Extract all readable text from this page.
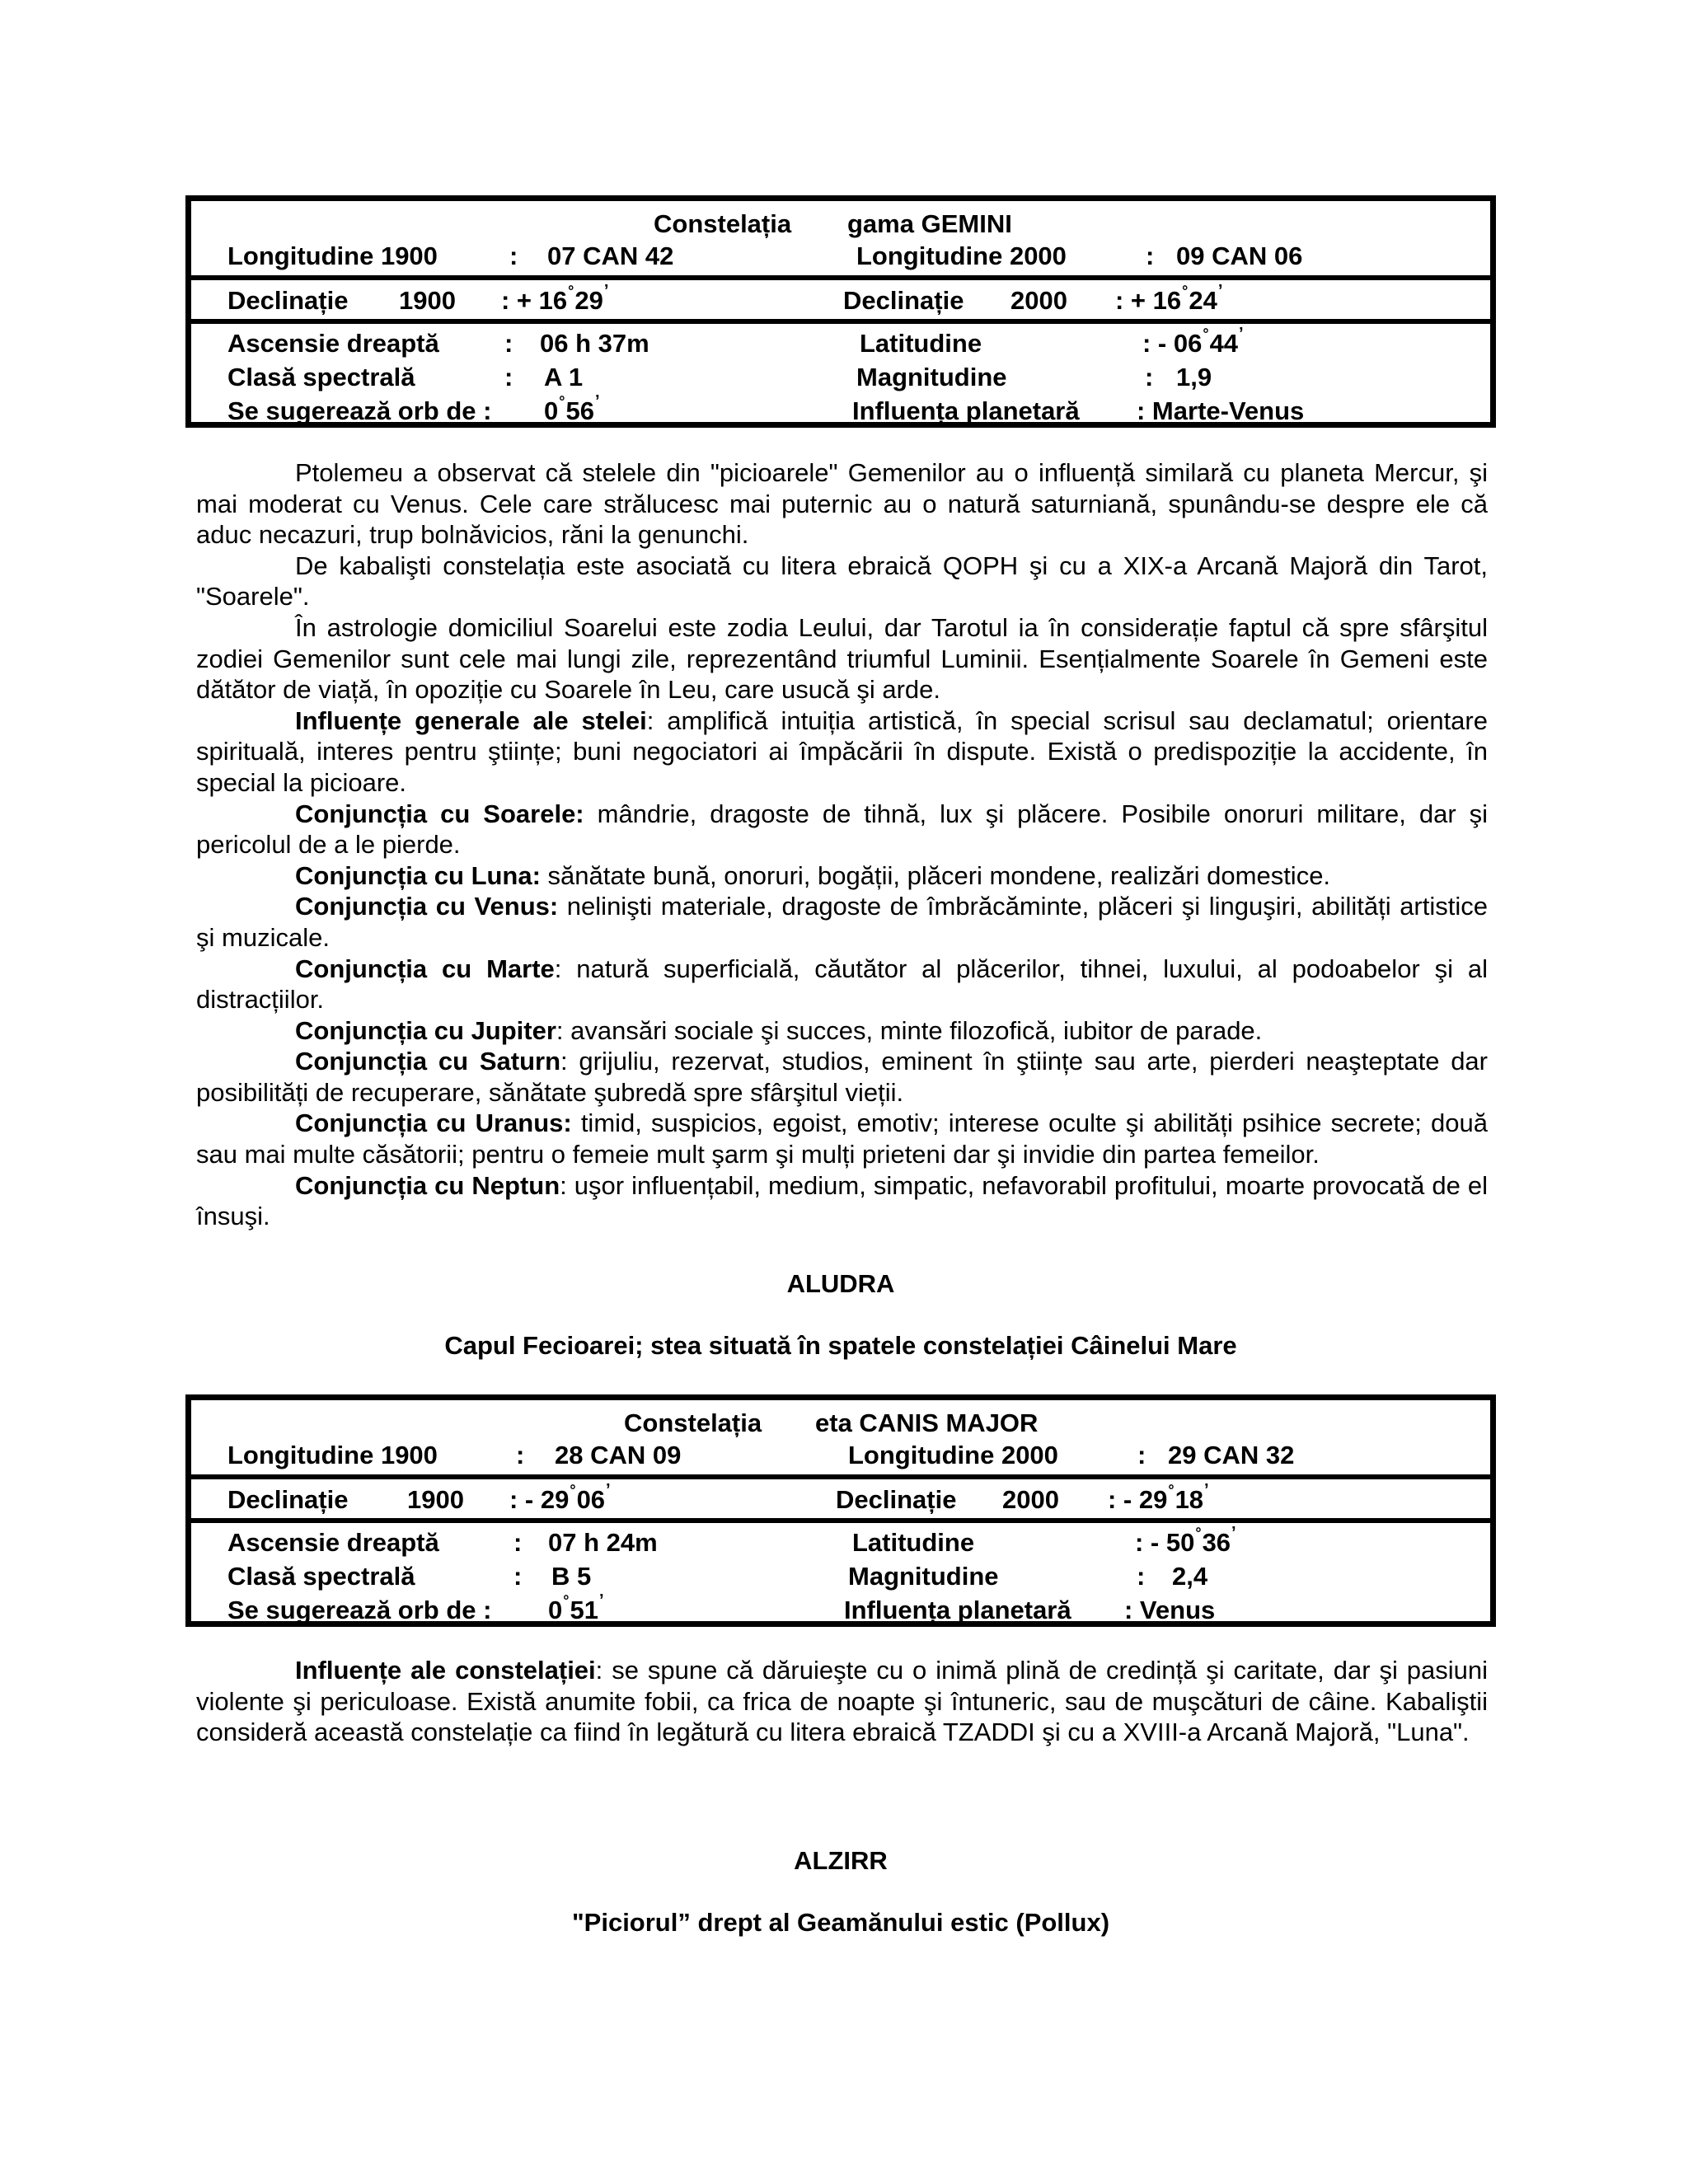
Constelația gama GEMINI
Longitudine 1900	: 07 CAN 42	Longitudine 2000	: 09 CAN 06
Declinație 1900 : + 16°29’	Declinație 2000 : + 16°24’
Ascensie dreaptă	: 06 h 37m	Latitudine	: - 06°44’
Clasă spectrală	: A 1	Magnitudine	: 1,9
Se sugerează orb de : 0°56’	Influența planetară : Marte-Venus

Ptolemeu a observat că stelele din "picioarele" Gemenilor au o influență similară cu planeta Mercur, şi mai moderat cu Venus. Cele care strălucesc mai puternic au o natură saturniană, spunându-se despre ele că aduc necazuri, trup bolnăvicios, răni la genunchi.
De kabalişti constelația este asociată cu litera ebraică QOPH şi cu a XIX-a Arcană Majoră din Tarot, "Soarele".
În astrologie domiciliul Soarelui este zodia Leului, dar Tarotul ia în considerație faptul că spre sfârşitul zodiei Gemenilor sunt cele mai lungi zile, reprezentând triumful Luminii. Esențialmente Soarele în Gemeni este dătător de viață, în opoziție cu Soarele în Leu, care usucă şi arde.
Influențe generale ale stelei: amplifică intuiția artistică, în special scrisul sau declamatul; orientare spirituală, interes pentru ştiințe; buni negociatori ai împăcării în dispute. Există o predispoziție la accidente, în special la picioare.
Conjuncția cu Soarele: mândrie, dragoste de tihnă, lux şi plăcere. Posibile onoruri militare, dar şi pericolul de a le pierde.
Conjuncția cu Luna: sănătate bună, onoruri, bogății, plăceri mondene, realizări domestice.
Conjuncția cu Venus: nelinişti materiale, dragoste de îmbrăcăminte, plăceri şi linguşiri, abilități artistice şi muzicale.
Conjuncția cu Marte: natură superficială, căutător al plăcerilor, tihnei, luxului, al podoabelor şi al distracțiilor.
Conjuncția cu Jupiter: avansări sociale şi succes, minte filozofică, iubitor de parade.
Conjuncția cu Saturn: grijuliu, rezervat, studios, eminent în ştiințe sau arte, pierderi neaşteptate dar posibilități de recuperare, sănătate şubredă spre sfârşitul vieții.
Conjuncția cu Uranus: timid, suspicios, egoist, emotiv; interese oculte şi abilități psihice secrete; două sau mai multe căsătorii; pentru o femeie mult şarm şi mulți prieteni dar şi invidie din partea femeilor.
Conjuncția cu Neptun: uşor influențabil, medium, simpatic, nefavorabil profitului, moarte provocată de el însuşi.

ALUDRA

Capul Fecioarei; stea situată în spatele constelației Câinelui Mare

Constelația eta CANIS MAJOR
Longitudine 1900	: 28 CAN 09	Longitudine 2000	: 29 CAN 32
Declinație 1900 : - 29°06’	Declinație 2000 : - 29°18’
Ascensie dreaptă	: 07 h 24m	Latitudine	: - 50°36’
Clasă spectrală	: B 5	Magnitudine	: 2,4
Se sugerează orb de : 0°51’	Influența planetară : Venus

Influențe ale constelației: se spune că dăruieşte cu o inimă plină de credință şi caritate, dar şi pasiuni violente şi periculoase. Există anumite fobii, ca frica de noapte şi întuneric, sau de muşcături de câine. Kabaliştii consideră această constelație ca fiind în legătură cu litera ebraică TZADDI şi cu a XVIII-a Arcană Majoră, "Luna".

ALZIRR

"Piciorul” drept al Geamănului estic (Pollux)
